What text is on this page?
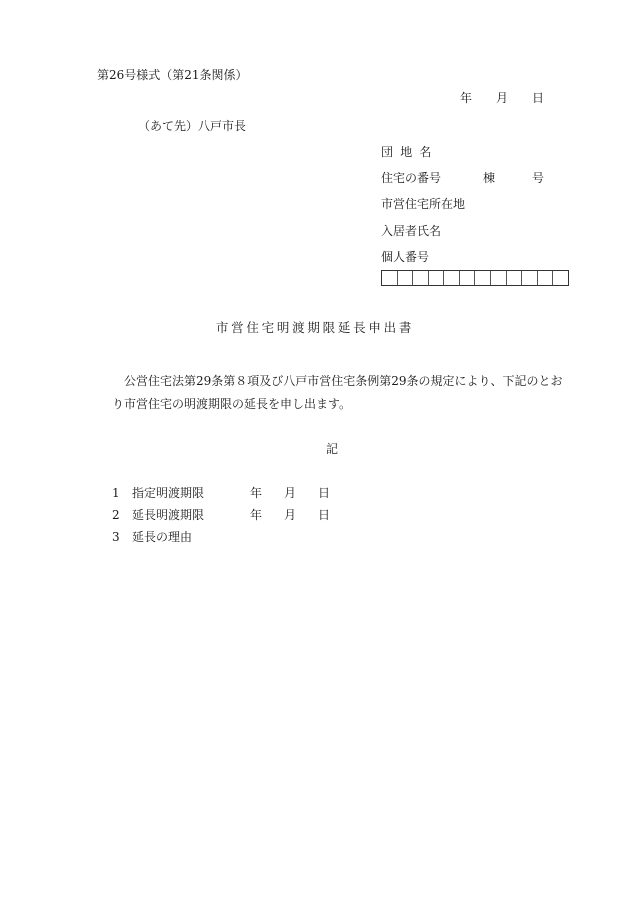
第26号様式（第21条関係）
年 月 日
（あて先）八戸市長
団地名
住宅の番号	棟	号
市営住宅所在地
入居者氏名
個人番号
市営住宅明渡期限延長申出書
公営住宅法第29条第８項及び八戸市営住宅条例第29条の規定により、下記のとおり市営住宅の明渡期限の延長を申し出ます。
記
1 指定明渡期限	年 月 日
2 延長明渡期限	年 月 日
3 延長の理由
